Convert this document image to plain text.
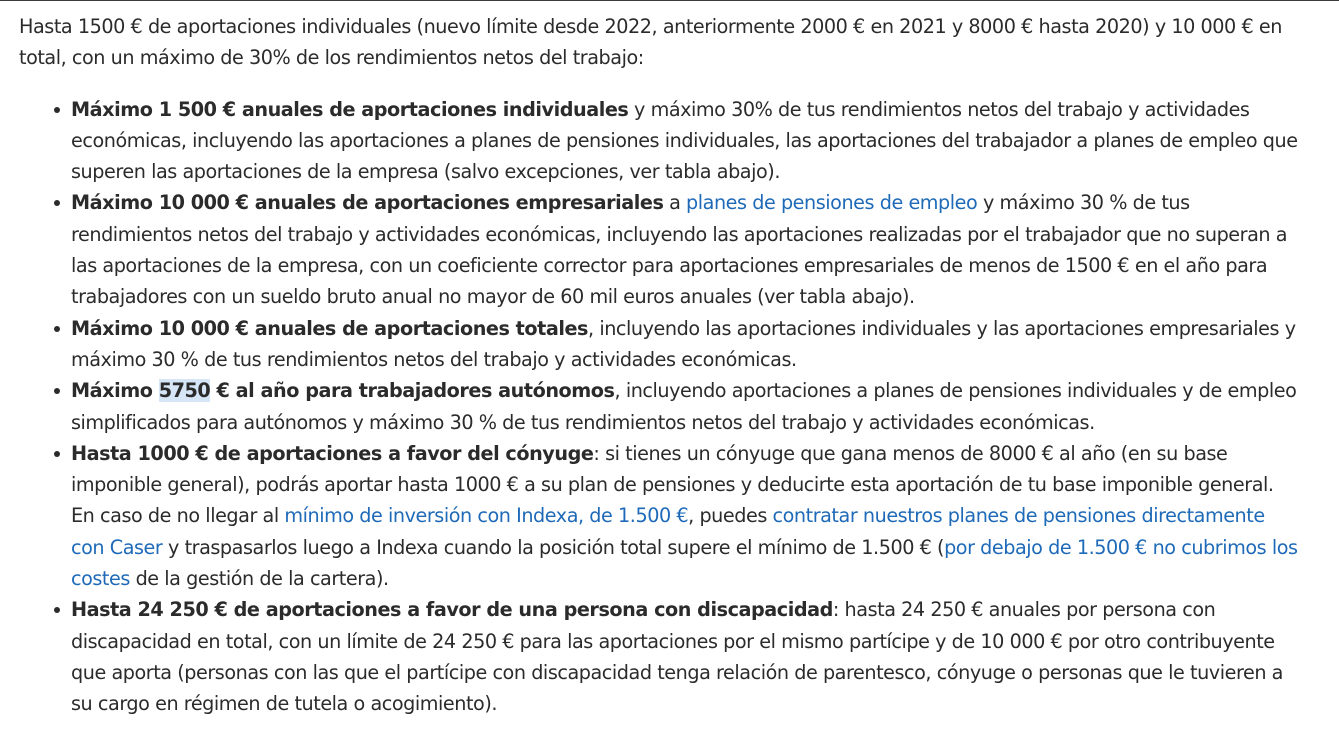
Hasta 1500 € de aportaciones individuales (nuevo límite desde 2022, anteriormente 2000 € en 2021 y 8000 € hasta 2020) y 10 000 € en total, con un máximo de 30% de los rendimientos netos del trabajo:

Máximo 1 500 € anuales de aportaciones individuales y máximo 30% de tus rendimientos netos del trabajo y actividades económicas, incluyendo las aportaciones a planes de pensiones individuales, las aportaciones del trabajador a planes de empleo que superen las aportaciones de la empresa (salvo excepciones, ver tabla abajo).
Máximo 10 000 € anuales de aportaciones empresariales a planes de pensiones de empleo y máximo 30 % de tus rendimientos netos del trabajo y actividades económicas, incluyendo las aportaciones realizadas por el trabajador que no superan a las aportaciones de la empresa, con un coeficiente corrector para aportaciones empresariales de menos de 1500 € en el año para trabajadores con un sueldo bruto anual no mayor de 60 mil euros anuales (ver tabla abajo).
Máximo 10 000 € anuales de aportaciones totales, incluyendo las aportaciones individuales y las aportaciones empresariales y máximo 30 % de tus rendimientos netos del trabajo y actividades económicas.
Máximo 5750 € al año para trabajadores autónomos, incluyendo aportaciones a planes de pensiones individuales y de empleo simplificados para autónomos y máximo 30 % de tus rendimientos netos del trabajo y actividades económicas.
Hasta 1000 € de aportaciones a favor del cónyuge: si tienes un cónyuge que gana menos de 8000 € al año (en su base imponible general), podrás aportar hasta 1000 € a su plan de pensiones y deducirte esta aportación de tu base imponible general. En caso de no llegar al mínimo de inversión con Indexa, de 1.500 €, puedes contratar nuestros planes de pensiones directamente con Caser y traspasarlos luego a Indexa cuando la posición total supere el mínimo de 1.500 € (por debajo de 1.500 € no cubrimos los costes de la gestión de la cartera).
Hasta 24 250 € de aportaciones a favor de una persona con discapacidad: hasta 24 250 € anuales por persona con discapacidad en total, con un límite de 24 250 € para las aportaciones por el mismo partícipe y de 10 000 € por otro contribuyente que aporta (personas con las que el partícipe con discapacidad tenga relación de parentesco, cónyuge o personas que le tuvieren a su cargo en régimen de tutela o acogimiento).
